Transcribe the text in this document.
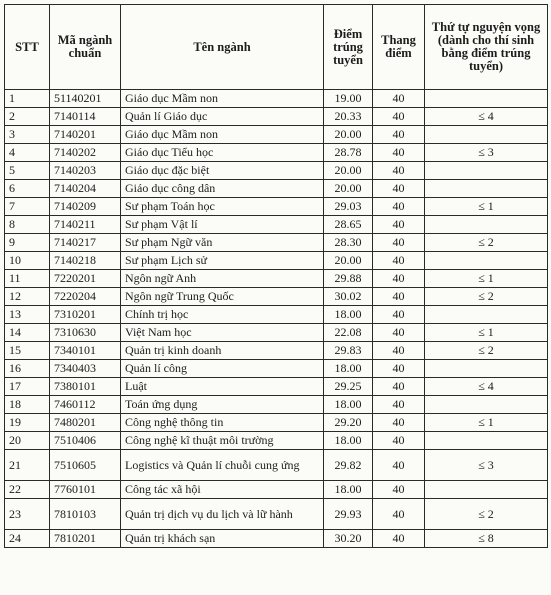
STT	Mã ngành chuẩn	Tên ngành	Điểm trúng tuyển	Thang điểm	Thứ tự nguyện vọng (dành cho thí sinh bằng điểm trúng tuyển)
1	51140201	Giáo dục Mầm non	19.00	40	
2	7140114	Quản lí Giáo dục	20.33	40	≤ 4
3	7140201	Giáo dục Mầm non	20.00	40	
4	7140202	Giáo dục Tiểu học	28.78	40	≤ 3
5	7140203	Giáo dục đặc biệt	20.00	40	
6	7140204	Giáo dục công dân	20.00	40	
7	7140209	Sư phạm Toán học	29.03	40	≤ 1
8	7140211	Sư phạm Vật lí	28.65	40	
9	7140217	Sư phạm Ngữ văn	28.30	40	≤ 2
10	7140218	Sư phạm Lịch sử	20.00	40	
11	7220201	Ngôn ngữ Anh	29.88	40	≤ 1
12	7220204	Ngôn ngữ Trung Quốc	30.02	40	≤ 2
13	7310201	Chính trị học	18.00	40	
14	7310630	Việt Nam học	22.08	40	≤ 1
15	7340101	Quản trị kinh doanh	29.83	40	≤ 2
16	7340403	Quản lí công	18.00	40	
17	7380101	Luật	29.25	40	≤ 4
18	7460112	Toán ứng dụng	18.00	40	
19	7480201	Công nghệ thông tin	29.20	40	≤ 1
20	7510406	Công nghệ kĩ thuật môi trường	18.00	40	
21	7510605	Logistics và Quản lí chuỗi cung ứng	29.82	40	≤ 3
22	7760101	Công tác xã hội	18.00	40	
23	7810103	Quản trị dịch vụ du lịch và lữ hành	29.93	40	≤ 2
24	7810201	Quản trị khách sạn	30.20	40	≤ 8
